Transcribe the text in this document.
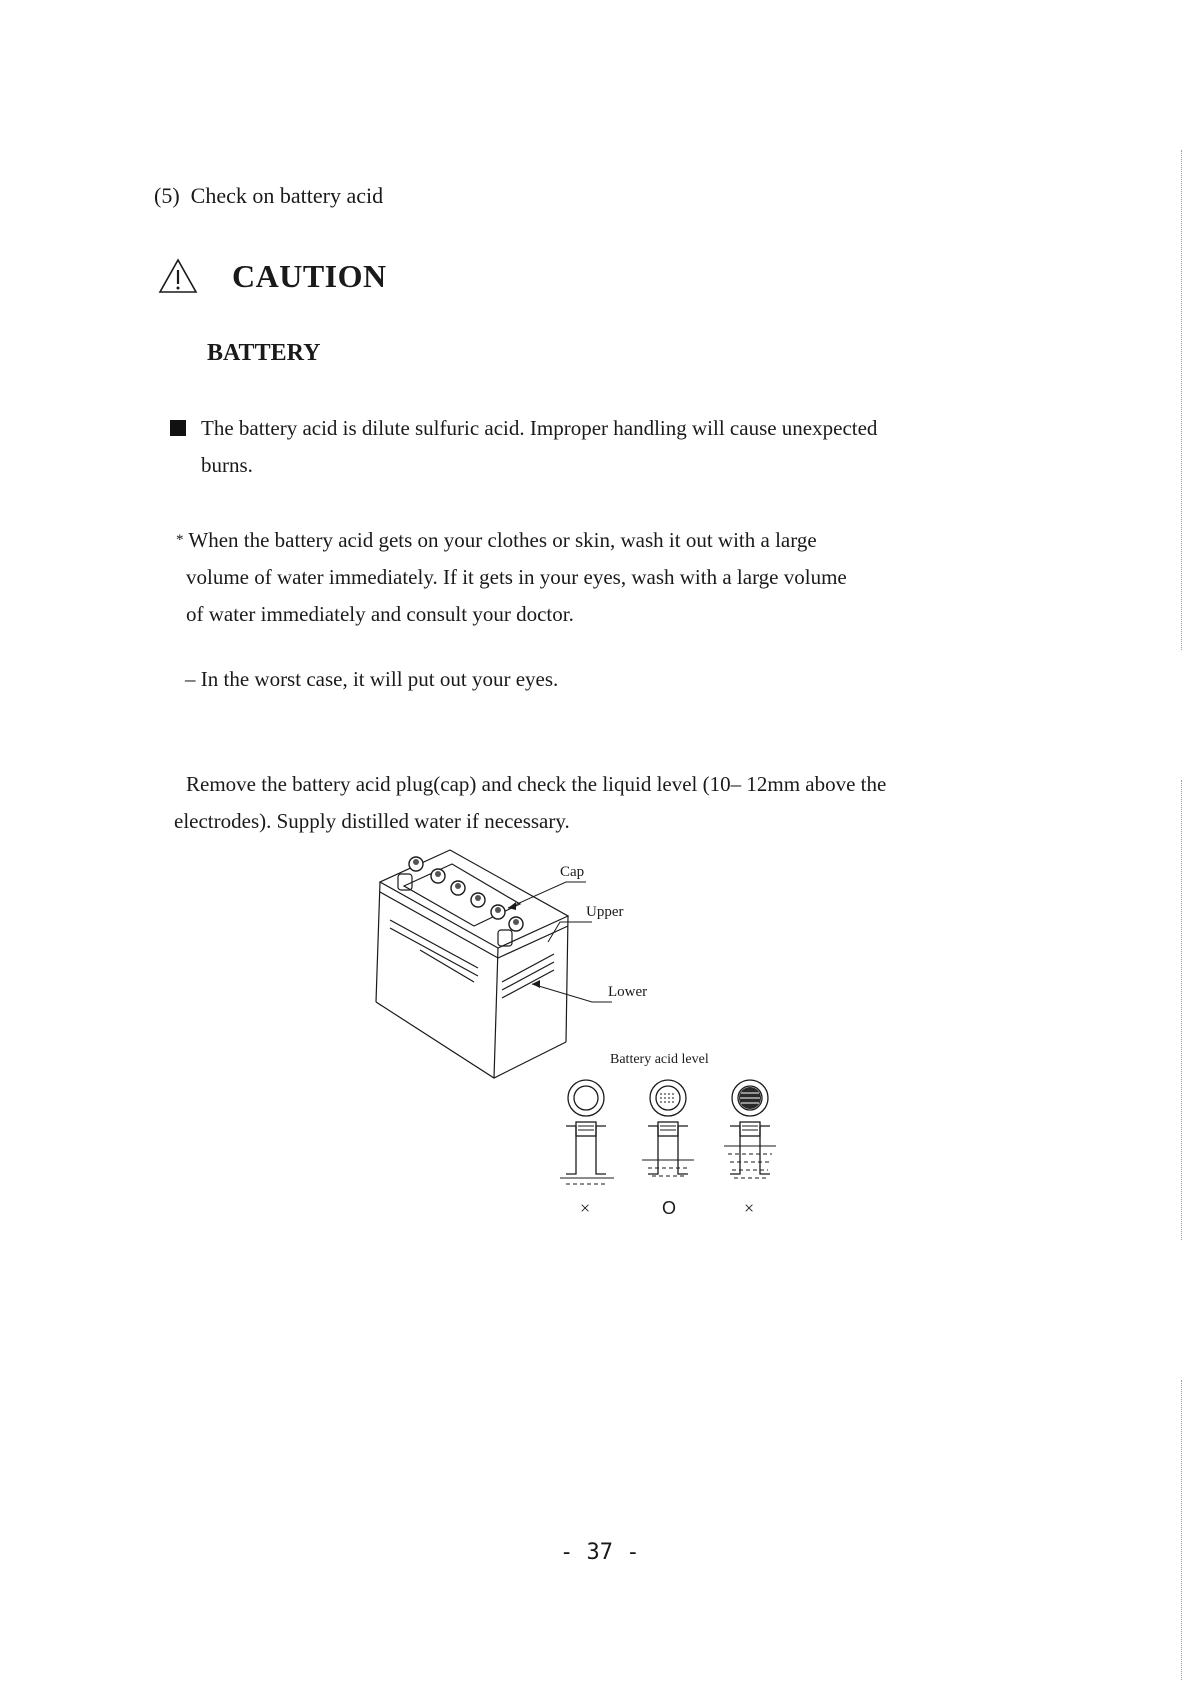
(5) Check on battery acid
CAUTION
BATTERY
The battery acid is dilute sulfuric acid. Improper handling will cause unexpected
burns.
* When the battery acid gets on your clothes or skin, wash it out with a large
volume of water immediately. If it gets in your eyes, wash with a large volume
of water immediately and consult your doctor.
– In the worst case, it will put out your eyes.
Remove the battery acid plug(cap) and check the liquid level (10– 12mm above the
electrodes). Supply distilled water if necessary.
Cap
Upper
Lower
Battery acid level
×	O	×
- 37 -
